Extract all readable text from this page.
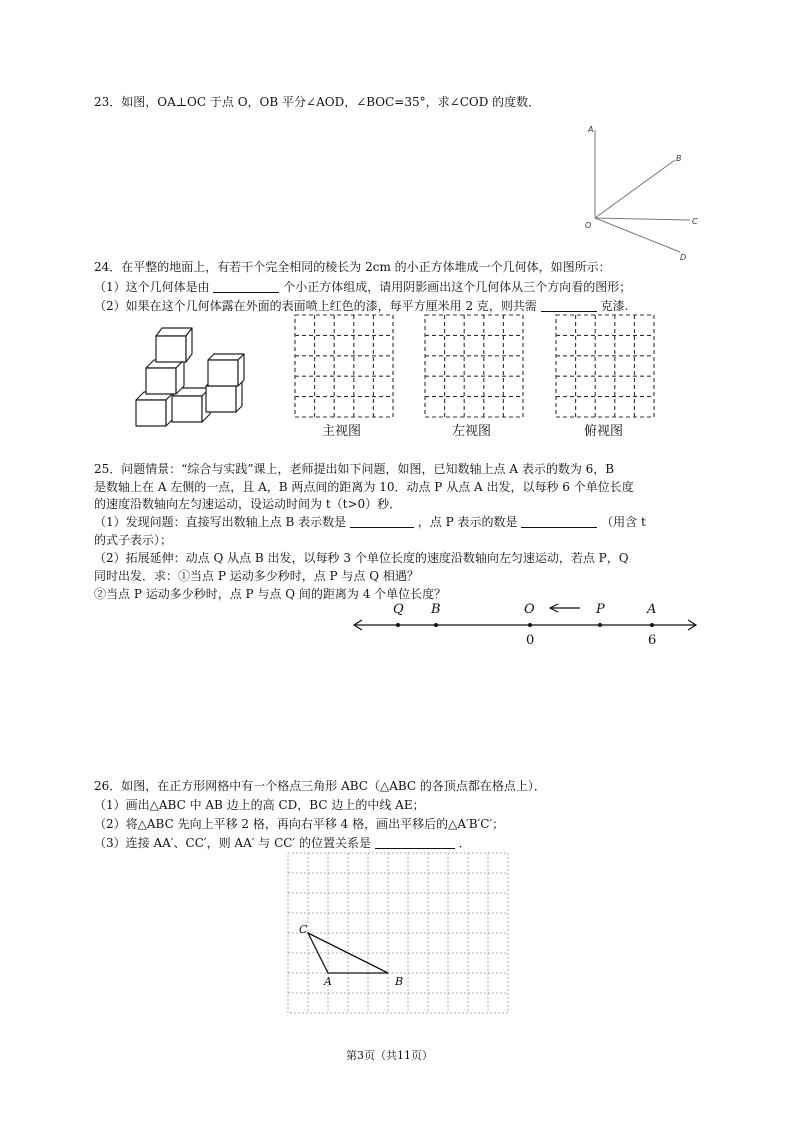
23．如图，OA⊥OC 于点 O，OB 平分∠AOD，∠BOC=35°，求∠COD 的度数．
A
B
C
D
O
24．在平整的地面上，有若干个完全相同的棱长为 2cm 的小正方体堆成一个几何体，如图所示：
（1）这个几何体是由	个小正方体组成，请用阴影画出这个几何体从三个方向看的图形；
（2）如果在这个几何体露在外面的表面喷上红色的漆，每平方厘米用 2 克，则共需	克漆.
主视图	左视图	俯视图
25．问题情景：“综合与实践”课上，老师提出如下问题，如图，已知数轴上点 A 表示的数为 6，B
是数轴上在 A 左侧的一点，且 A，B 两点间的距离为 10．动点 P 从点 A 出发，以每秒 6 个单位长度
的速度沿数轴向左匀速运动，设运动时间为 t（t>0）秒．
（1）发现问题：直接写出数轴上点 B 表示数是	，点 P 表示的数是	（用含 t
的式子表示）；
（2）拓展延伸：动点 Q 从点 B 出发，以每秒 3 个单位长度的速度沿数轴向左匀速运动，若点 P，Q
同时出发．求：①当点 P 运动多少秒时，点 P 与点 Q 相遇？
②当点 P 运动多少秒时，点 P 与点 Q 间的距离为 4 个单位长度？
Q B	O	P	A
0	6
26．如图，在正方形网格中有一个格点三角形 ABC（△ABC 的各顶点都在格点上）．
（1）画出△ABC 中 AB 边上的高 CD，BC 边上的中线 AE；
（2）将△ABC 先向上平移 2 格，再向右平移 4 格，画出平移后的△A′B′C′；
（3）连接 AA′、CC′，则 AA′ 与 CC′ 的位置关系是	．
C
A	B
第3页（共11页）
